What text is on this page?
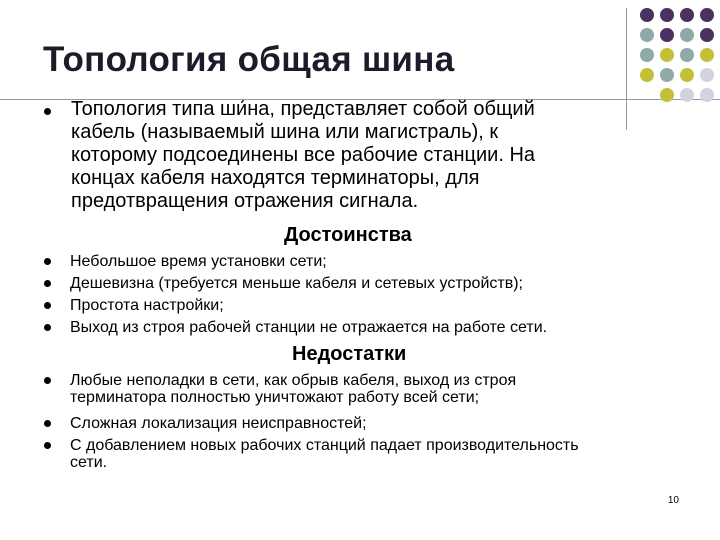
Топология общая шина
Топология типа ши́на, представляет собой общий
кабель (называемый шина или магистраль), к
которому подсоединены все рабочие станции. На
концах кабеля находятся терминаторы, для
предотвращения отражения сигнала.
Достоинства
Небольшое время установки сети;
Дешевизна (требуется меньше кабеля и сетевых устройств);
Простота настройки;
Выход из строя рабочей станции не отражается на работе сети.
Недостатки
Любые неполадки в сети, как обрыв кабеля, выход из строя
терминатора полностью уничтожают работу всей сети;
Сложная локализация неисправностей;
С добавлением новых рабочих станций падает производительность
сети.
10
